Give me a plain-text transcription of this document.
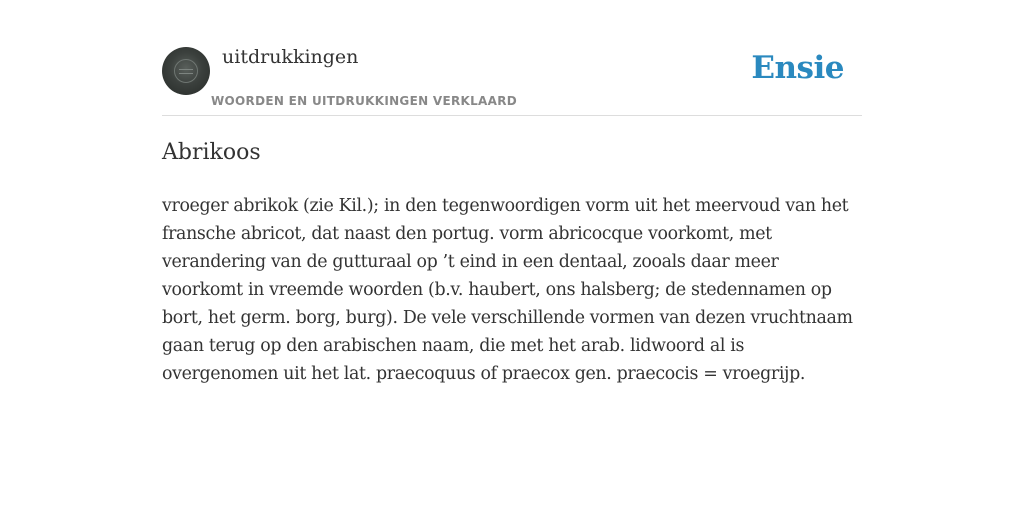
uitdrukkingen
WOORDEN EN UITDRUKKINGEN VERKLAARD
Ensie
Abrikoos

vroeger abrikok (zie Kil.); in den tegenwoordigen vorm uit het meervoud van het fransche abricot, dat naast den portug. vorm abricocque voorkomt, met verandering van de gutturaal op ’t eind in een dentaal, zooals daar meer voorkomt in vreemde woorden (b.v. haubert, ons halsberg; de stedennamen op bort, het germ. borg, burg). De vele verschillende vormen van dezen vruchtnaam gaan terug op den arabischen naam, die met het arab. lidwoord al is overgenomen uit het lat. praecoquus of praecox gen. praecocis = vroegrijp.
